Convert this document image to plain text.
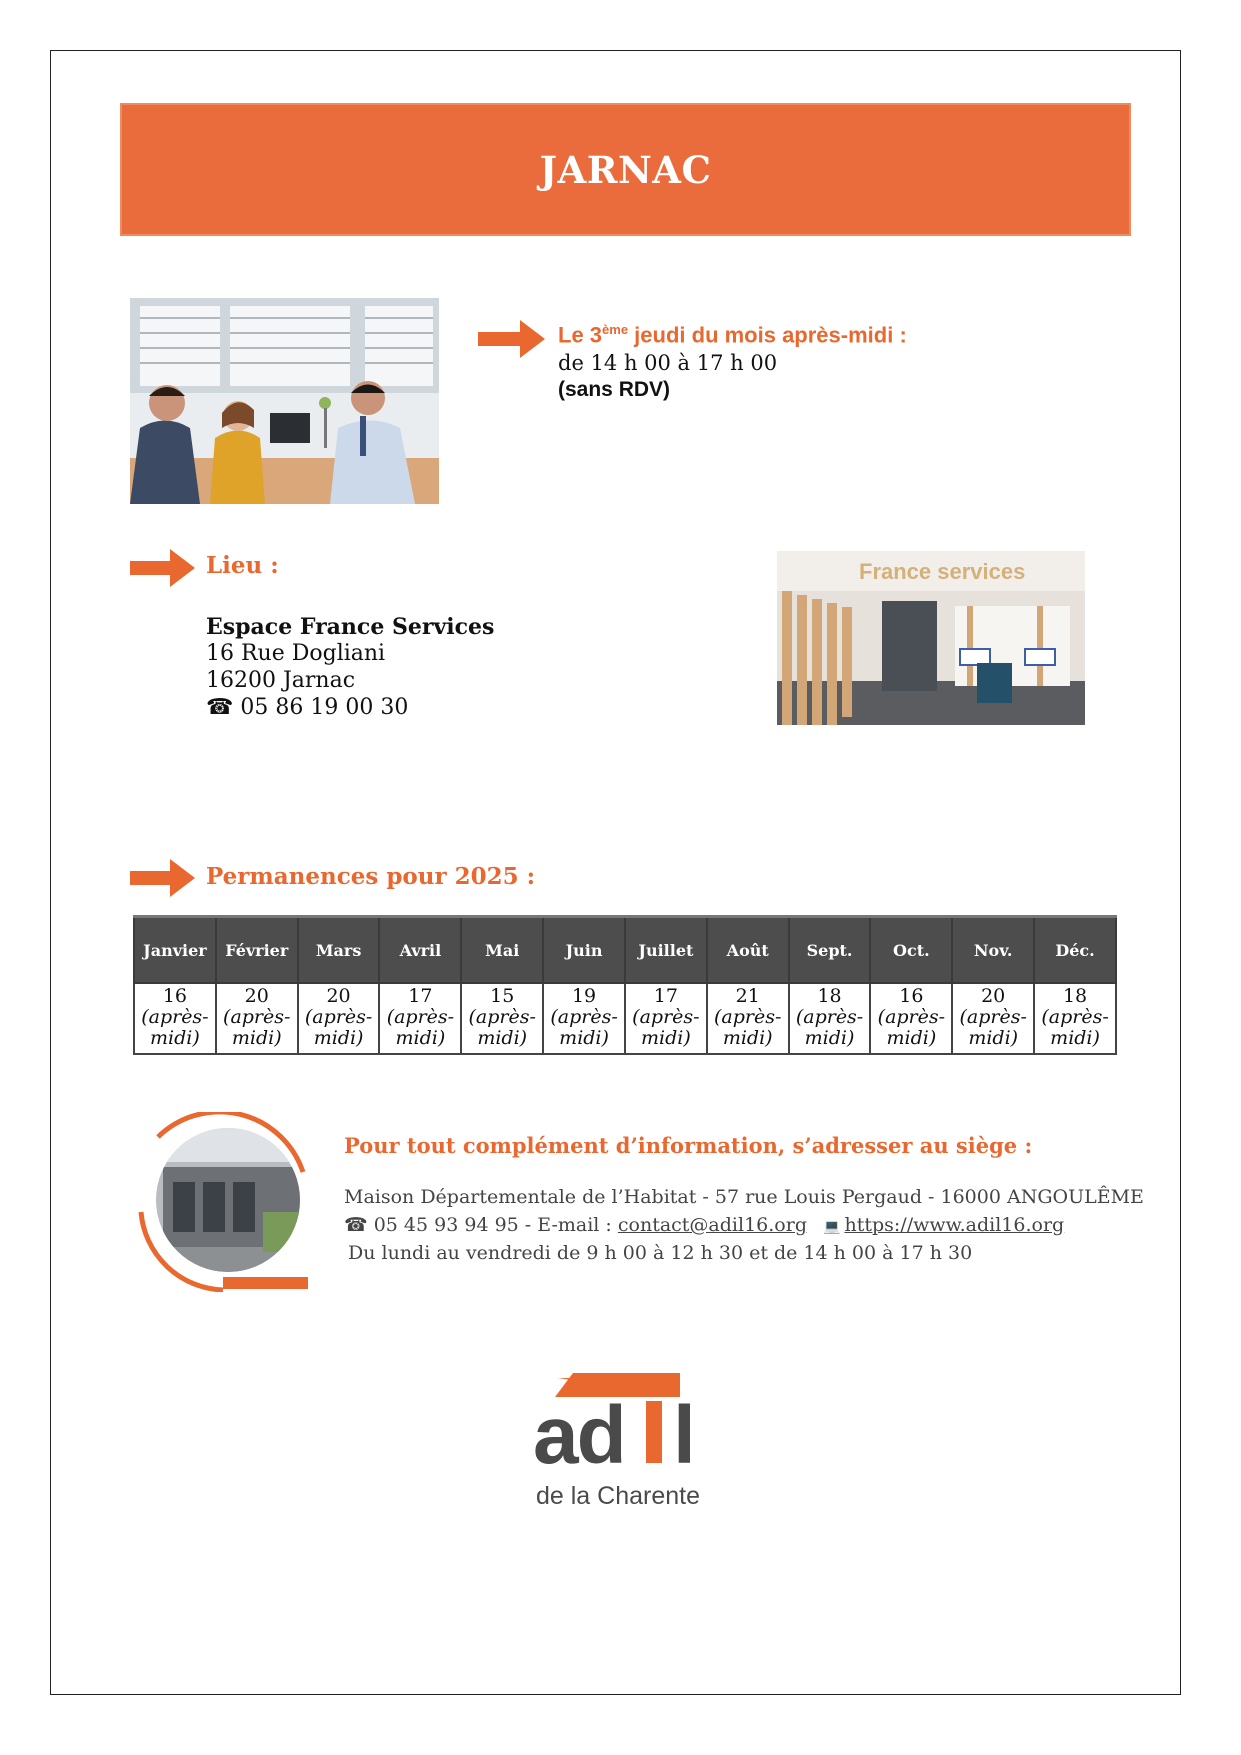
JARNAC
Le 3ème jeudi du mois après-midi :
de 14 h 00 à 17 h 00
(sans RDV)
Lieu :
Espace France Services
16 Rue Dogliani
16200 Jarnac
☎ 05 86 19 00 30
France services
Permanences pour 2025 :
Janvier	Février	Mars	Avril	Mai	Juin	Juillet	Août	Sept.	Oct.	Nov.	Déc.

16
(après-midi)	20
(après-midi)	20
(après-midi)	17
(après-midi)	15
(après-midi)	19
(après-midi)	17
(après-midi)	21
(après-midi)	18
(après-midi)	16
(après-midi)	20
(après-midi)	18
(après-midi)
Pour tout complément d’information, s’adresser au siège :
Maison Départementale de l’Habitat - 57 rue Louis Pergaud - 16000 ANGOULÊME
☎ 05 45 93 94 95 - E-mail : contact@adil16.org 💻 https://www.adil16.org
Du lundi au vendredi de 9 h 00 à 12 h 30 et de 14 h 00 à 17 h 30
ad l
de la Charente
